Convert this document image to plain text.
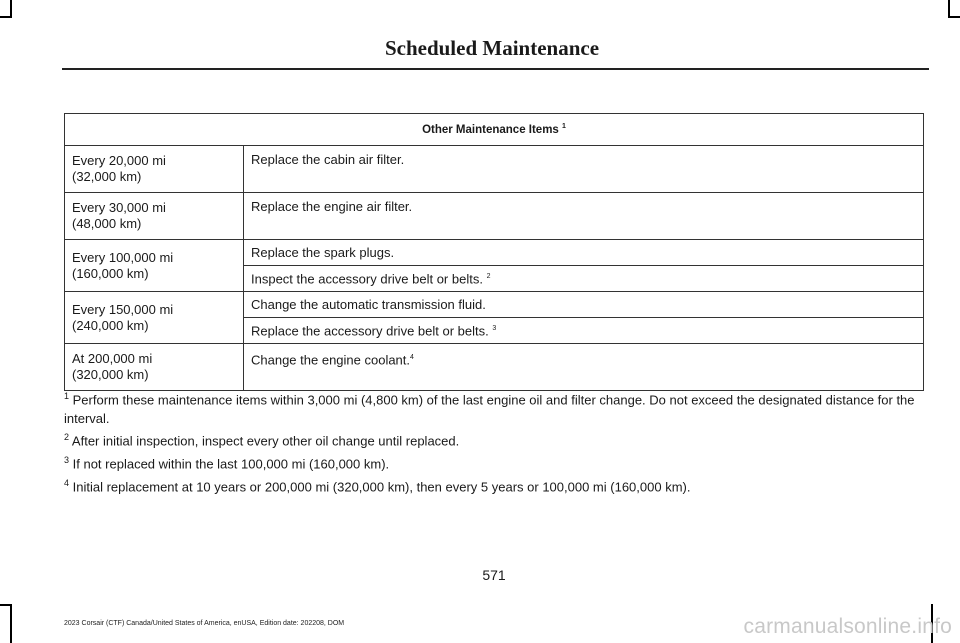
Scheduled Maintenance
Other Maintenance Items $^1$
Every 20,000 mi
(32,000 km)	Replace the cabin air filter.
Every 30,000 mi
(48,000 km)	Replace the engine air filter.
Every 100,000 mi
(160,000 km)	Replace the spark plugs.
	Inspect the accessory drive belt or belts. $^2$
Every 150,000 mi
(240,000 km)	Change the automatic transmission fluid.
	Replace the accessory drive belt or belts. $^3$
At 200,000 mi
(320,000 km)	Change the engine coolant.$^4$

$^1$ Perform these maintenance items within 3,000 mi (4,800 km) of the last engine oil and filter change. Do not exceed the designated distance for the interval.

$^2$ After initial inspection, inspect every other oil change until replaced.

$^3$ If not replaced within the last 100,000 mi (160,000 km).

$^4$ Initial replacement at 10 years or 200,000 mi (320,000 km), then every 5 years or 100,000 mi (160,000 km).

571
2023 Corsair (CTF) Canada/United States of America, enUSA, Edition date: 202208, DOM	carmanualsonline.info
